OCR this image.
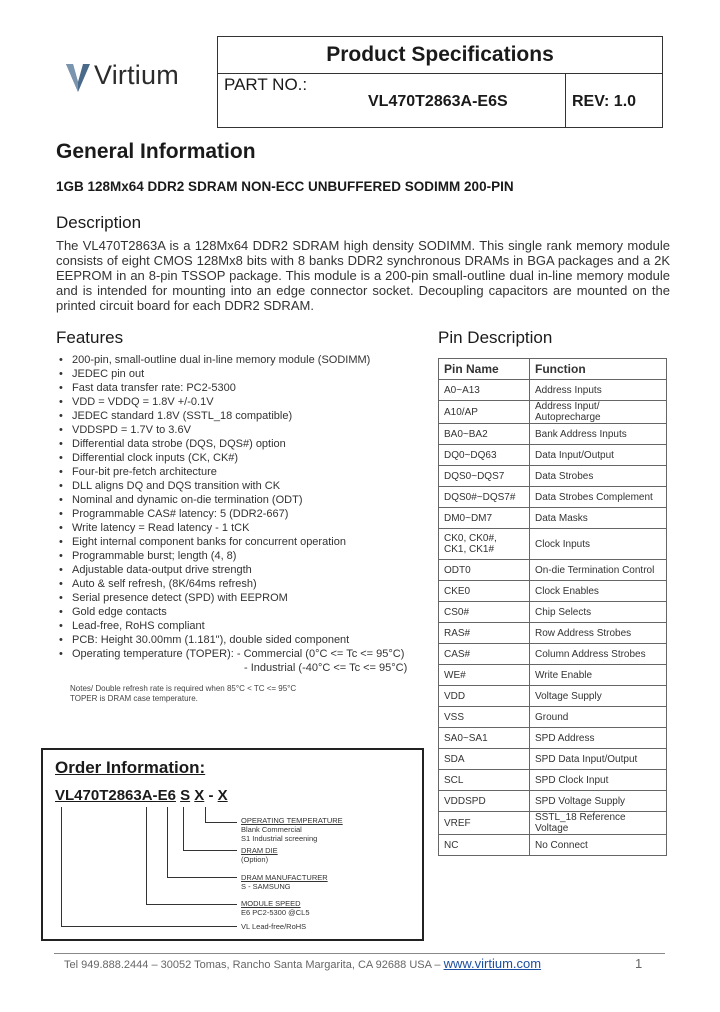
Virtium
Product Specifications
PART NO.:
VL470T2863A-E6S	REV: 1.0
General Information
1GB 128Mx64 DDR2 SDRAM NON-ECC UNBUFFERED SODIMM 200-PIN
Description
The VL470T2863A is a 128Mx64 DDR2 SDRAM high density SODIMM. This single rank memory module consists of eight CMOS 128Mx8 bits with 8 banks DDR2 synchronous DRAMs in BGA packages and a 2K EEPROM in an 8-pin TSSOP package. This module is a 200-pin small-outline dual in-line memory module and is intended for mounting into an edge connector socket. Decoupling capacitors are mounted on the printed circuit board for each DDR2 SDRAM.
Features
• 200-pin, small-outline dual in-line memory module (SODIMM)
• JEDEC pin out
• Fast data transfer rate: PC2-5300
• VDD = VDDQ = 1.8V +/-0.1V
• JEDEC standard 1.8V (SSTL_18 compatible)
• VDDSPD = 1.7V to 3.6V
• Differential data strobe (DQS, DQS#) option
• Differential clock inputs (CK, CK#)
• Four-bit pre-fetch architecture
• DLL aligns DQ and DQS transition with CK
• Nominal and dynamic on-die termination (ODT)
• Programmable CAS# latency: 5 (DDR2-667)
• Write latency = Read latency - 1 tCK
• Eight internal component banks for concurrent operation
• Programmable burst; length (4, 8)
• Adjustable data-output drive strength
• Auto & self refresh, (8K/64ms refresh)
• Serial presence detect (SPD) with EEPROM
• Gold edge contacts
• Lead-free, RoHS compliant
• PCB: Height 30.00mm (1.181"), double sided component
• Operating temperature (TOPER): - Commercial (0°C <= Tc <= 95°C)
- Industrial (-40°C <= Tc <= 95°C)
Notes/ Double refresh rate is required when 85°C < TC <= 95°C
TOPER is DRAM case temperature.
Order Information:
VL470T2863A-E6 S X - X
OPERATING TEMPERATURE
Blank Commercial
S1 Industrial screening
DRAM DIE
(Option)
DRAM MANUFACTURER
S - SAMSUNG
MODULE SPEED
E6 PC2-5300 @CL5
VL Lead-free/RoHS
Pin Description
Pin Name	Function
A0~A13	Address Inputs
A10/AP	Address Input/ Autoprecharge
BA0~BA2	Bank Address Inputs
DQ0~DQ63	Data Input/Output
DQS0~DQS7	Data Strobes
DQS0#~DQS7#	Data Strobes Complement
DM0~DM7	Data Masks
CK0, CK0#,
CK1, CK1#	Clock Inputs
ODT0	On-die Termination Control
CKE0	Clock Enables
CS0#	Chip Selects
RAS#	Row Address Strobes
CAS#	Column Address Strobes
WE#	Write Enable
VDD	Voltage Supply
VSS	Ground
SA0~SA1	SPD Address
SDA	SPD Data Input/Output
SCL	SPD Clock Input
VDDSPD	SPD Voltage Supply
VREF	SSTL_18 Reference Voltage
NC	No Connect
Tel 949.888.2444 – 30052 Tomas, Rancho Santa Margarita, CA 92688 USA – www.virtium.com	1
